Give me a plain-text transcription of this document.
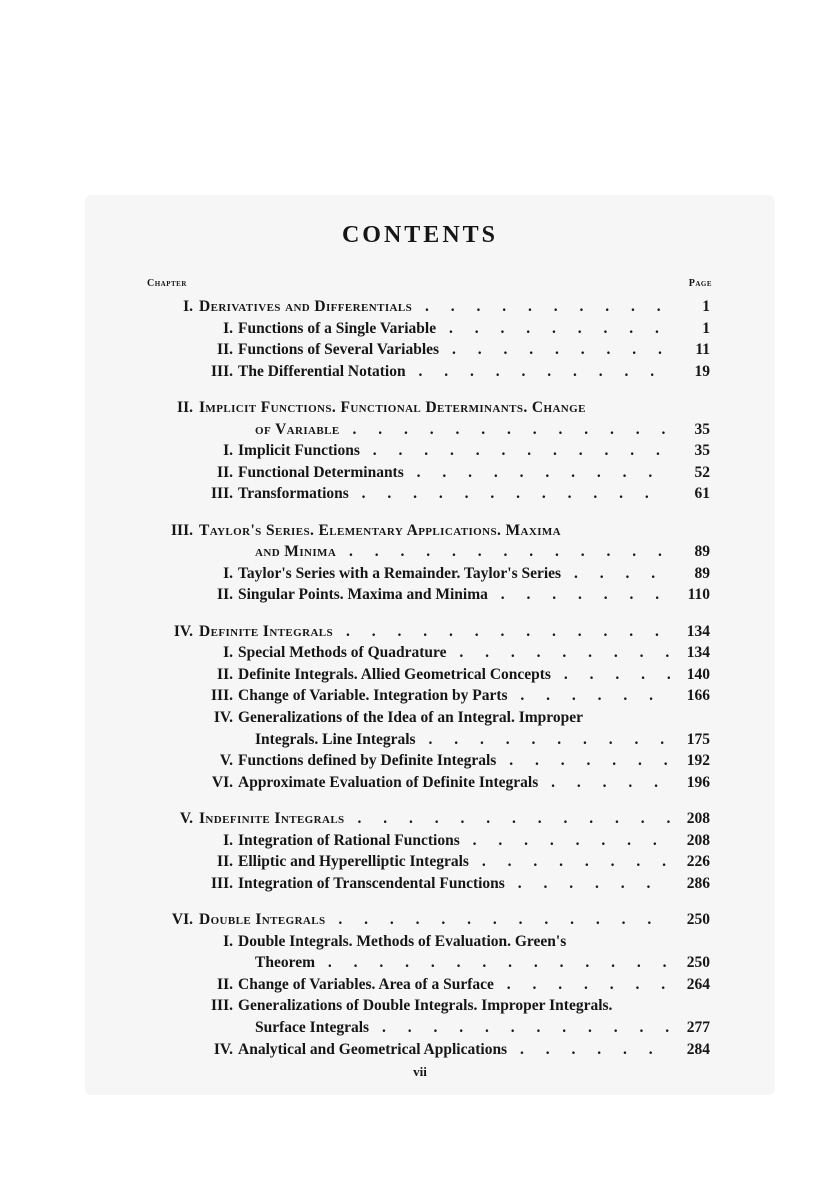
CONTENTS
Chapter	Page
I. Derivatives and Differentials . . .	1
I. Functions of a Single Variable . . .	1
II. Functions of Several Variables . . .	11
III. The Differential Notation . . .	19
II. Implicit Functions. Functional Determinants. Change
of Variable . . .	35
I. Implicit Functions . . .	35
II. Functional Determinants . . .	52
III. Transformations . . .	61
III. Taylor's Series. Elementary Applications. Maxima
and Minima . . .	89
I. Taylor's Series with a Remainder. Taylor's Series . . .	89
II. Singular Points. Maxima and Minima . . .	110
IV. Definite Integrals . . .	134
I. Special Methods of Quadrature . . .	134
II. Definite Integrals. Allied Geometrical Concepts . . .	140
III. Change of Variable. Integration by Parts . . .	166
IV. Generalizations of the Idea of an Integral. Improper
Integrals. Line Integrals . . .	175
V. Functions defined by Definite Integrals . . .	192
VI. Approximate Evaluation of Definite Integrals . . .	196
V. Indefinite Integrals . . .	208
I. Integration of Rational Functions . . .	208
II. Elliptic and Hyperelliptic Integrals . . .	226
III. Integration of Transcendental Functions . . .	286
VI. Double Integrals . . .	250
I. Double Integrals. Methods of Evaluation. Green's
Theorem . . .	250
II. Change of Variables. Area of a Surface . . .	264
III. Generalizations of Double Integrals. Improper Integrals.
Surface Integrals . . .	277
IV. Analytical and Geometrical Applications . . .	284
vii
